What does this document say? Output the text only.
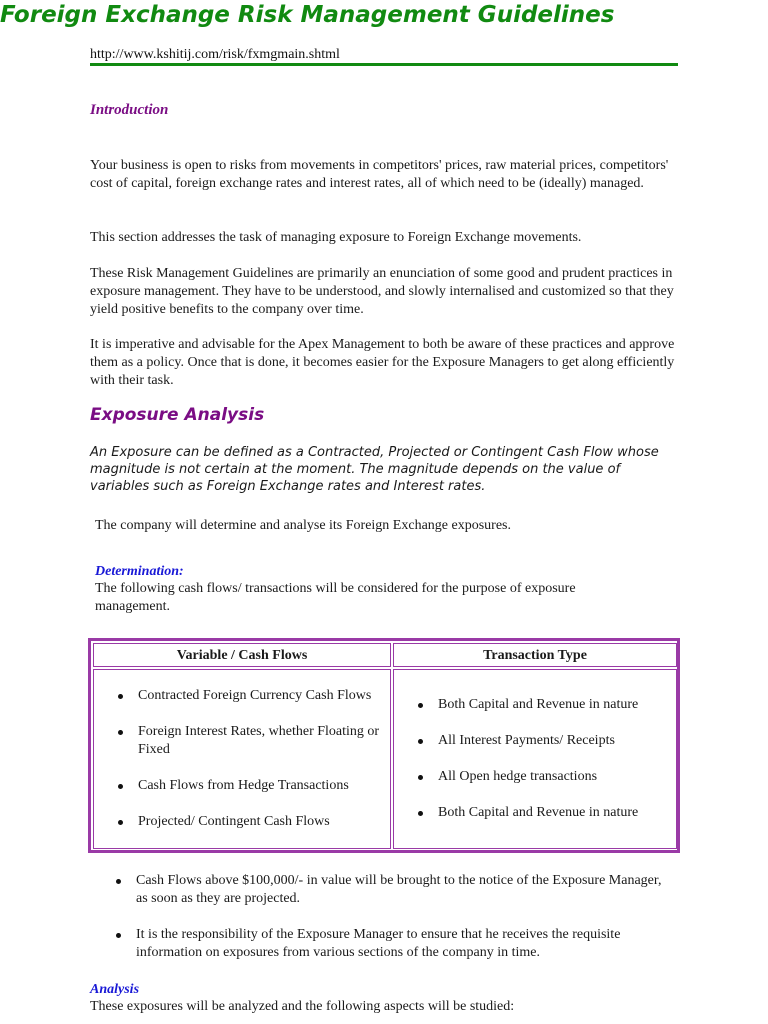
Foreign Exchange Risk Management Guidelines
http://www.kshitij.com/risk/fxmgmain.shtml
Introduction

Your business is open to risks from movements in competitors' prices, raw material prices, competitors' cost of capital, foreign exchange rates and interest rates, all of which need to be (ideally) managed.

This section addresses the task of managing exposure to Foreign Exchange movements.

These Risk Management Guidelines are primarily an enunciation of some good and prudent practices in exposure management. They have to be understood, and slowly internalised and customized so that they yield positive benefits to the company over time.

It is imperative and advisable for the Apex Management to both be aware of these practices and approve them as a policy. Once that is done, it becomes easier for the Exposure Managers to get along efficiently with their task.

Exposure Analysis

An Exposure can be defined as a Contracted, Projected or Contingent Cash Flow whose magnitude is not certain at the moment. The magnitude depends on the value of variables such as Foreign Exchange rates and Interest rates.

The company will determine and analyse its Foreign Exchange exposures.

Determination:

The following cash flows/ transactions will be considered for the purpose of exposure management.

Variable / Cash Flows	Transaction Type
Contracted Foreign Currency Cash Flows
Foreign Interest Rates, whether Floating or Fixed
Cash Flows from Hedge Transactions
Projected/ Contingent Cash Flows
Both Capital and Revenue in nature
All Interest Payments/ Receipts
All Open hedge transactions
Both Capital and Revenue in nature
Cash Flows above $100,000/- in value will be brought to the notice of the Exposure Manager, as soon as they are projected.
It is the responsibility of the Exposure Manager to ensure that he receives the requisite information on exposures from various sections of the company in time.
Analysis

These exposures will be analyzed and the following aspects will be studied:
